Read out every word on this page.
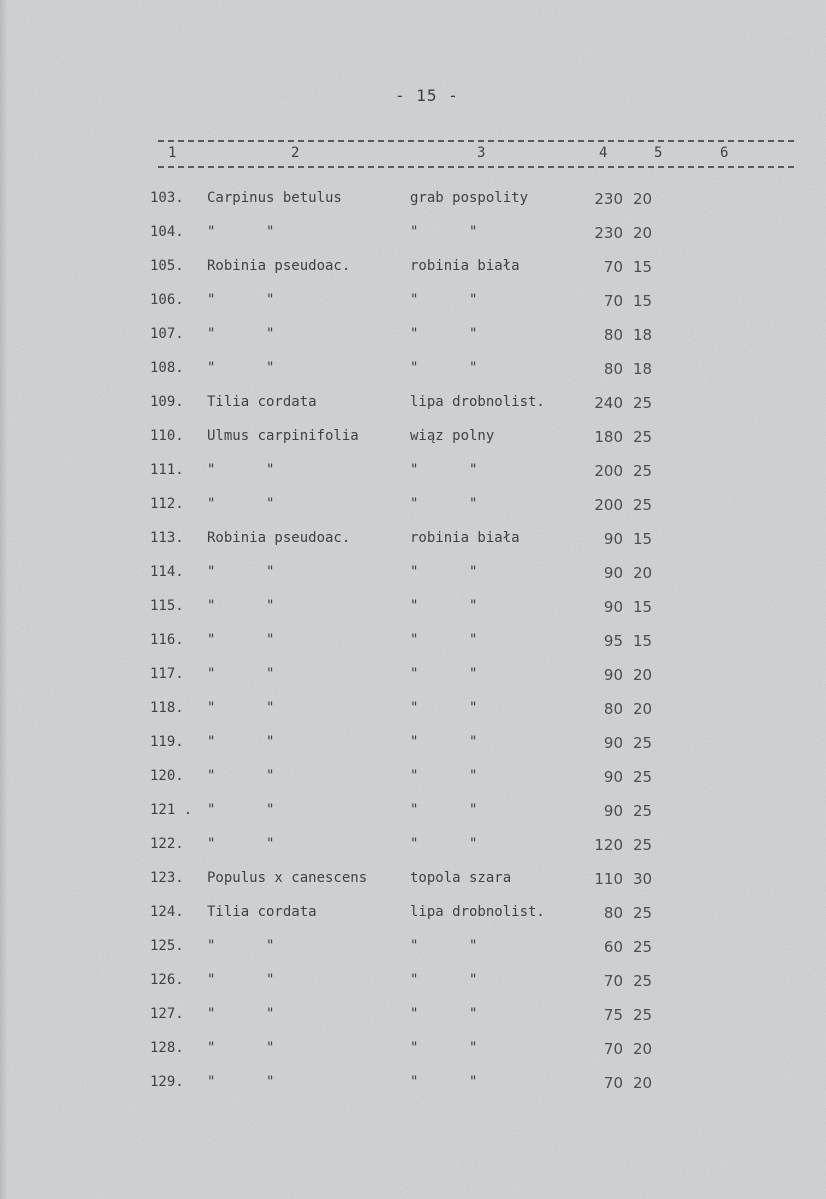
- 15 -
1	2	3	4	5	6
103.	Carpinus betulus	grab pospolity	230 20
104.	"      "	"      "	230 20
105.	Robinia pseudoac.	robinia biała	70 15
106.	"      "	"      "	70 15
107.	"      "	"      "	80 18
108.	"      "	"      "	80 18
109.	Tilia cordata	lipa drobnolist.	240 25
110.	Ulmus carpinifolia	wiąz polny	180 25
111.	"      "	"      "	200 25
112.	"      "	"      "	200 25
113.	Robinia pseudoac.	robinia biała	90 15
114.	"      "	"      "	90 20
115.	"      "	"      "	90 15
116.	"      "	"      "	95 15
117.	"      "	"      "	90 20
118.	"      "	"      "	80 20
119.	"      "	"      "	90 25
120.	"      "	"      "	90 25
121 .	"      "	"      "	90 25
122.	"      "	"      "	120 25
123.	Populus x canescens	topola szara	110 30
124.	Tilia cordata	lipa drobnolist.	80 25
125.	"      "	"      "	60 25
126.	"      "	"      "	70 25
127.	"      "	"      "	75 25
128.	"      "	"      "	70 20
129.	"      "	"      "	70 20
